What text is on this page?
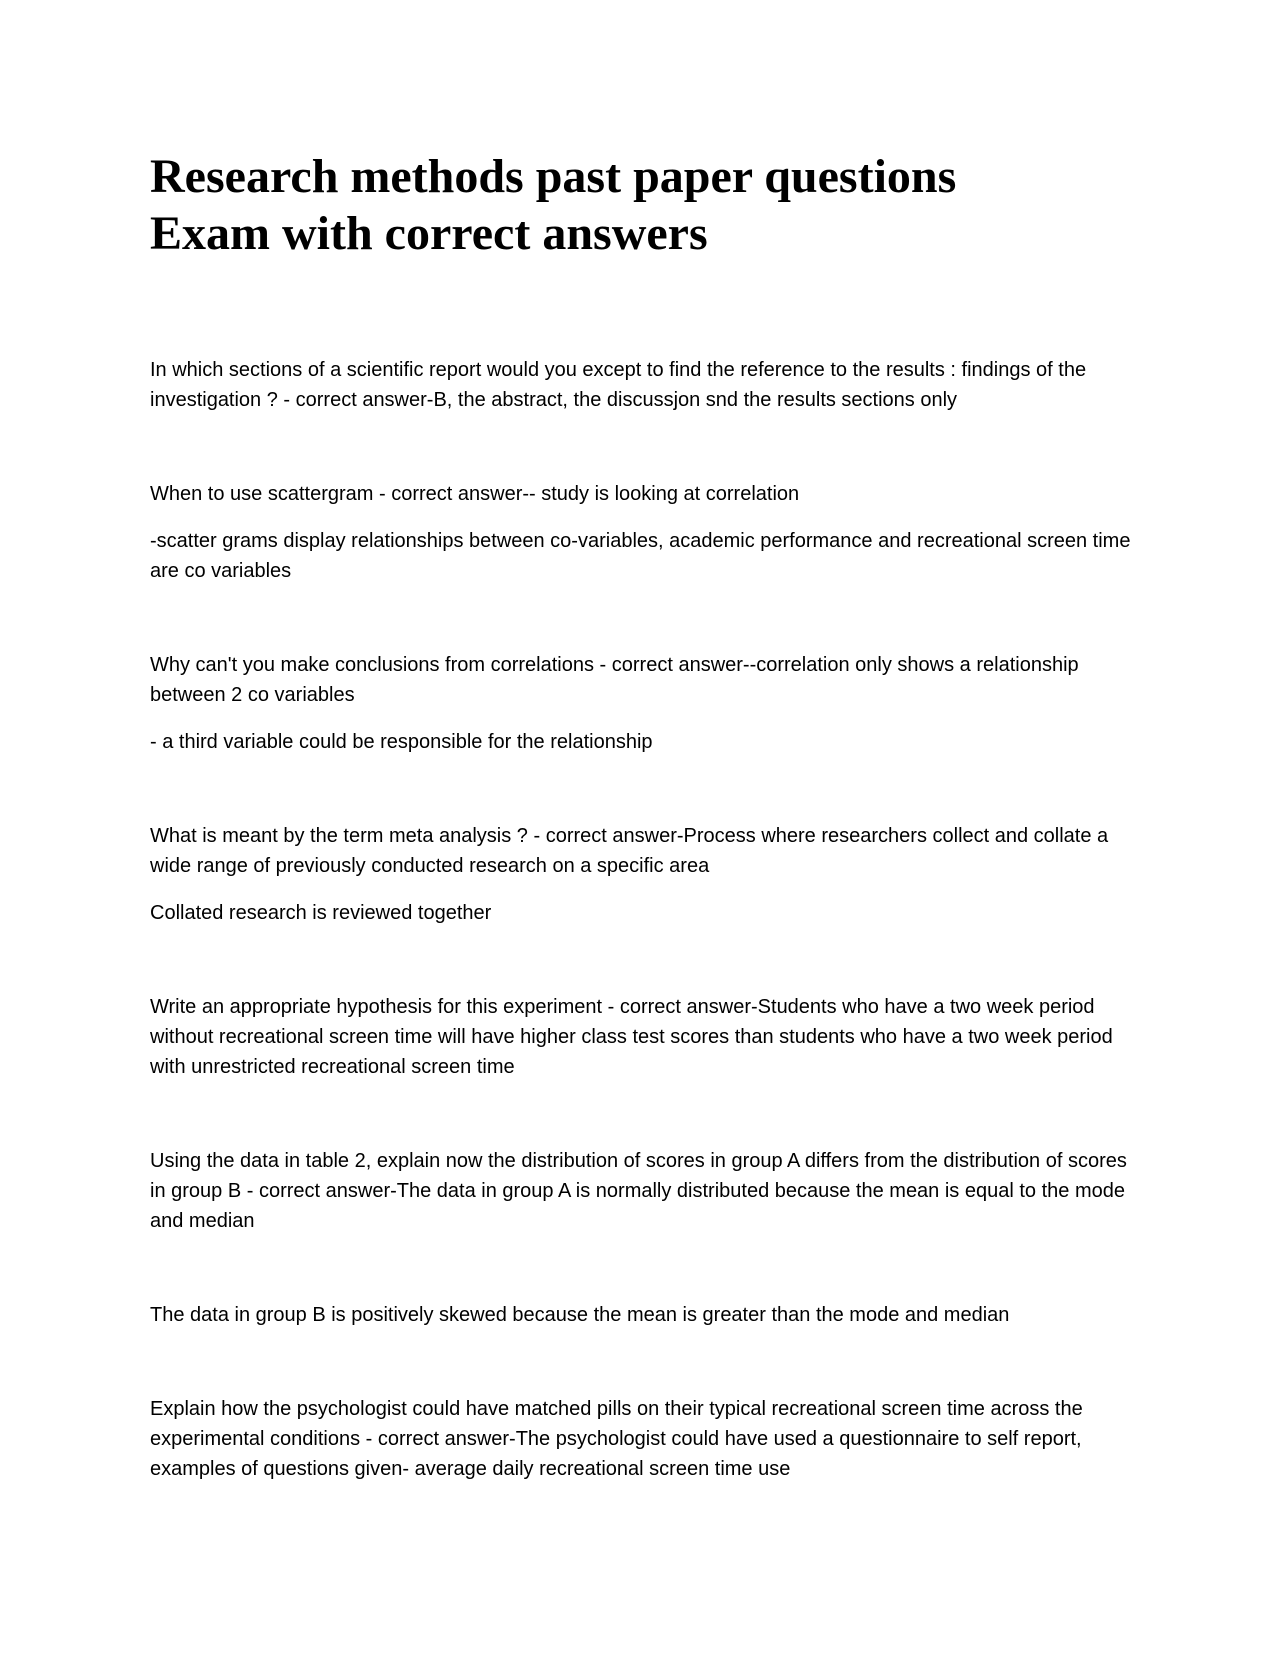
Research methods past paper questions
Exam with correct answers

In which sections of a scientific report would you except to find the reference to the results : findings of the investigation ? - correct answer-B, the abstract, the discussjon snd the results sections only

When to use scattergram - correct answer-- study is looking at correlation

-scatter grams display relationships between co-variables, academic performance and recreational screen time are co variables

Why can't you make conclusions from correlations - correct answer--correlation only shows a relationship between 2 co variables

- a third variable could be responsible for the relationship

What is meant by the term meta analysis ? - correct answer-Process where researchers collect and collate a wide range of previously conducted research on a specific area

Collated research is reviewed together

Write an appropriate hypothesis for this experiment - correct answer-Students who have a two week period without recreational screen time will have higher class test scores than students who have a two week period with unrestricted recreational screen time

Using the data in table 2, explain now the distribution of scores in group A differs from the distribution of scores in group B - correct answer-The data in group A is normally distributed because the mean is equal to the mode and median

The data in group B is positively skewed because the mean is greater than the mode and median

Explain how the psychologist could have matched pills on their typical recreational screen time across the experimental conditions - correct answer-The psychologist could have used a questionnaire to self report, examples of questions given- average daily recreational screen time use
